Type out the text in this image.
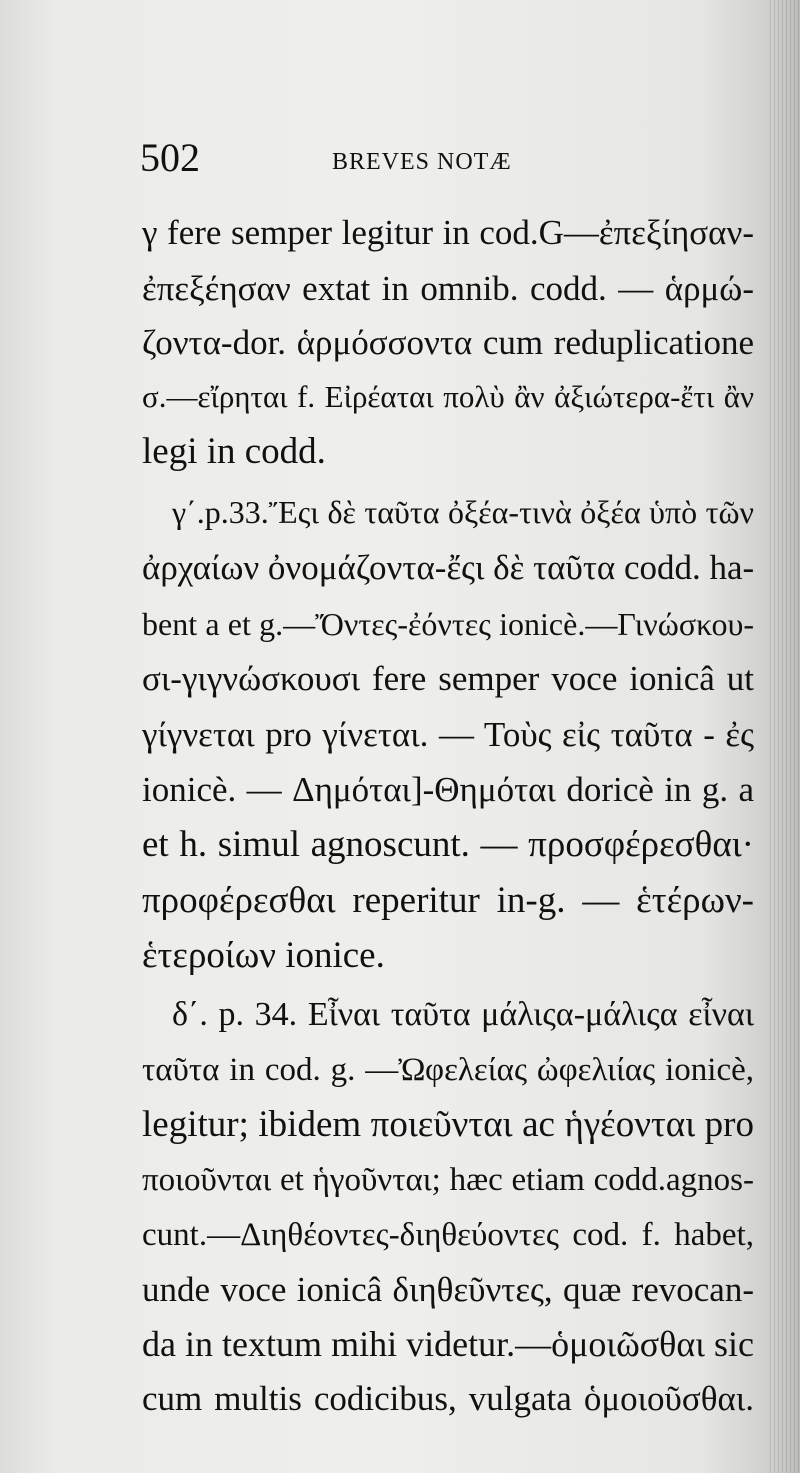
502	BREVES NOTÆ
γ fere semper legitur in cod.G—ἐπεξίησαν-
ἐπεξέησαν extat in omnib. codd. — ἁρμώ-
ζοντα-dor. ἁρμόσσοντα cum reduplicatione
σ.—εἴρηται f. Εἰρέαται πολὺ ἂν ἀξιώτερα-ἔτι ἂν
legi in codd.
γ΄.p.33.Ἔςι δὲ ταῦτα ὀξέα-τινὰ ὀξέα ὑπὸ τῶν
ἀρχαίων ὀνομάζοντα-ἔςι δὲ ταῦτα codd. ha-
bent a et g.—Ὄντες-ἐόντες ionicè.—Γινώσκου-
σι-γιγνώσκουσι fere semper voce ionicâ ut
γίγνεται pro γίνεται. — Τοὺς εἰς ταῦτα - ἐς
ionicè. — Δημόται]-Θημόται doricè in g. a
et h. simul agnoscunt. — προσφέρεσθαι·
προφέρεσθαι reperitur in-g. — ἑτέρων-
ἑτεροίων ionice.
δ΄. p. 34. Εἶναι ταῦτα μάλιςα-μάλιςα εἶναι
ταῦτα in cod. g. —Ὠφελείας ὠφελιίας ionicè,
legitur; ibidem ποιεῦνται ac ἡγέονται pro
ποιοῦνται et ἡγοῦνται; hæc etiam codd.agnos-
cunt.—Διηθέοντες-διηθεύοντες cod. f. habet,
unde voce ionicâ διηθεῦντες, quæ revocan-
da in textum mihi videtur.—ὁμοιῶσθαι sic
cum multis codicibus, vulgata ὁμοιοῦσθαι.
